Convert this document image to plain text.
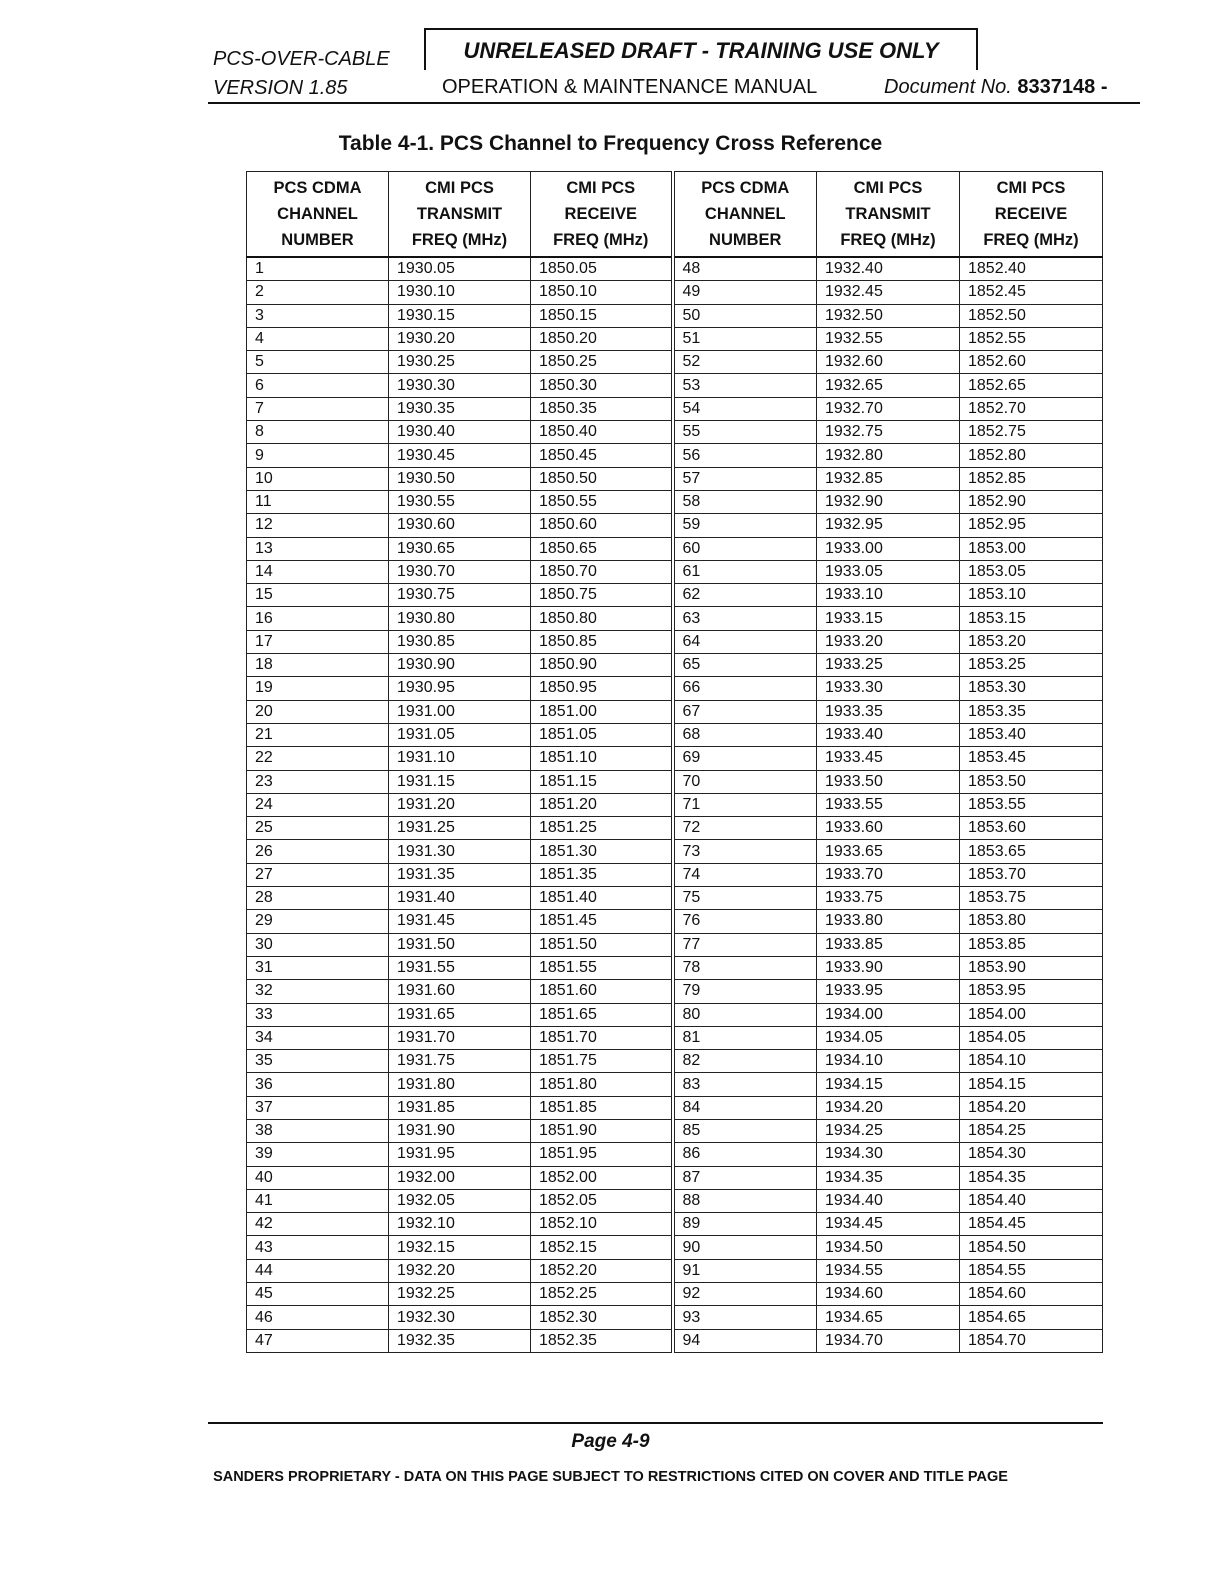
PCS-OVER-CABLE
VERSION 1.85
UNRELEASED DRAFT - TRAINING USE ONLY
OPERATION & MAINTENANCE MANUAL	Document No. 8337148 -
Table 4-1. PCS Channel to Frequency Cross Reference
PCS CDMA
CHANNEL
NUMBER	CMI PCS
TRANSMIT
FREQ (MHz)	CMI PCS
RECEIVE
FREQ (MHz)	PCS CDMA
CHANNEL
NUMBER	CMI PCS
TRANSMIT
FREQ (MHz)	CMI PCS
RECEIVE
FREQ (MHz)
1	1930.05	1850.05	48	1932.40	1852.40
2	1930.10	1850.10	49	1932.45	1852.45
3	1930.15	1850.15	50	1932.50	1852.50
4	1930.20	1850.20	51	1932.55	1852.55
5	1930.25	1850.25	52	1932.60	1852.60
6	1930.30	1850.30	53	1932.65	1852.65
7	1930.35	1850.35	54	1932.70	1852.70
8	1930.40	1850.40	55	1932.75	1852.75
9	1930.45	1850.45	56	1932.80	1852.80
10	1930.50	1850.50	57	1932.85	1852.85
11	1930.55	1850.55	58	1932.90	1852.90
12	1930.60	1850.60	59	1932.95	1852.95
13	1930.65	1850.65	60	1933.00	1853.00
14	1930.70	1850.70	61	1933.05	1853.05
15	1930.75	1850.75	62	1933.10	1853.10
16	1930.80	1850.80	63	1933.15	1853.15
17	1930.85	1850.85	64	1933.20	1853.20
18	1930.90	1850.90	65	1933.25	1853.25
19	1930.95	1850.95	66	1933.30	1853.30
20	1931.00	1851.00	67	1933.35	1853.35
21	1931.05	1851.05	68	1933.40	1853.40
22	1931.10	1851.10	69	1933.45	1853.45
23	1931.15	1851.15	70	1933.50	1853.50
24	1931.20	1851.20	71	1933.55	1853.55
25	1931.25	1851.25	72	1933.60	1853.60
26	1931.30	1851.30	73	1933.65	1853.65
27	1931.35	1851.35	74	1933.70	1853.70
28	1931.40	1851.40	75	1933.75	1853.75
29	1931.45	1851.45	76	1933.80	1853.80
30	1931.50	1851.50	77	1933.85	1853.85
31	1931.55	1851.55	78	1933.90	1853.90
32	1931.60	1851.60	79	1933.95	1853.95
33	1931.65	1851.65	80	1934.00	1854.00
34	1931.70	1851.70	81	1934.05	1854.05
35	1931.75	1851.75	82	1934.10	1854.10
36	1931.80	1851.80	83	1934.15	1854.15
37	1931.85	1851.85	84	1934.20	1854.20
38	1931.90	1851.90	85	1934.25	1854.25
39	1931.95	1851.95	86	1934.30	1854.30
40	1932.00	1852.00	87	1934.35	1854.35
41	1932.05	1852.05	88	1934.40	1854.40
42	1932.10	1852.10	89	1934.45	1854.45
43	1932.15	1852.15	90	1934.50	1854.50
44	1932.20	1852.20	91	1934.55	1854.55
45	1932.25	1852.25	92	1934.60	1854.60
46	1932.30	1852.30	93	1934.65	1854.65
47	1932.35	1852.35	94	1934.70	1854.70
Page 4-9
SANDERS PROPRIETARY - DATA ON THIS PAGE SUBJECT TO RESTRICTIONS CITED ON COVER AND TITLE PAGE
